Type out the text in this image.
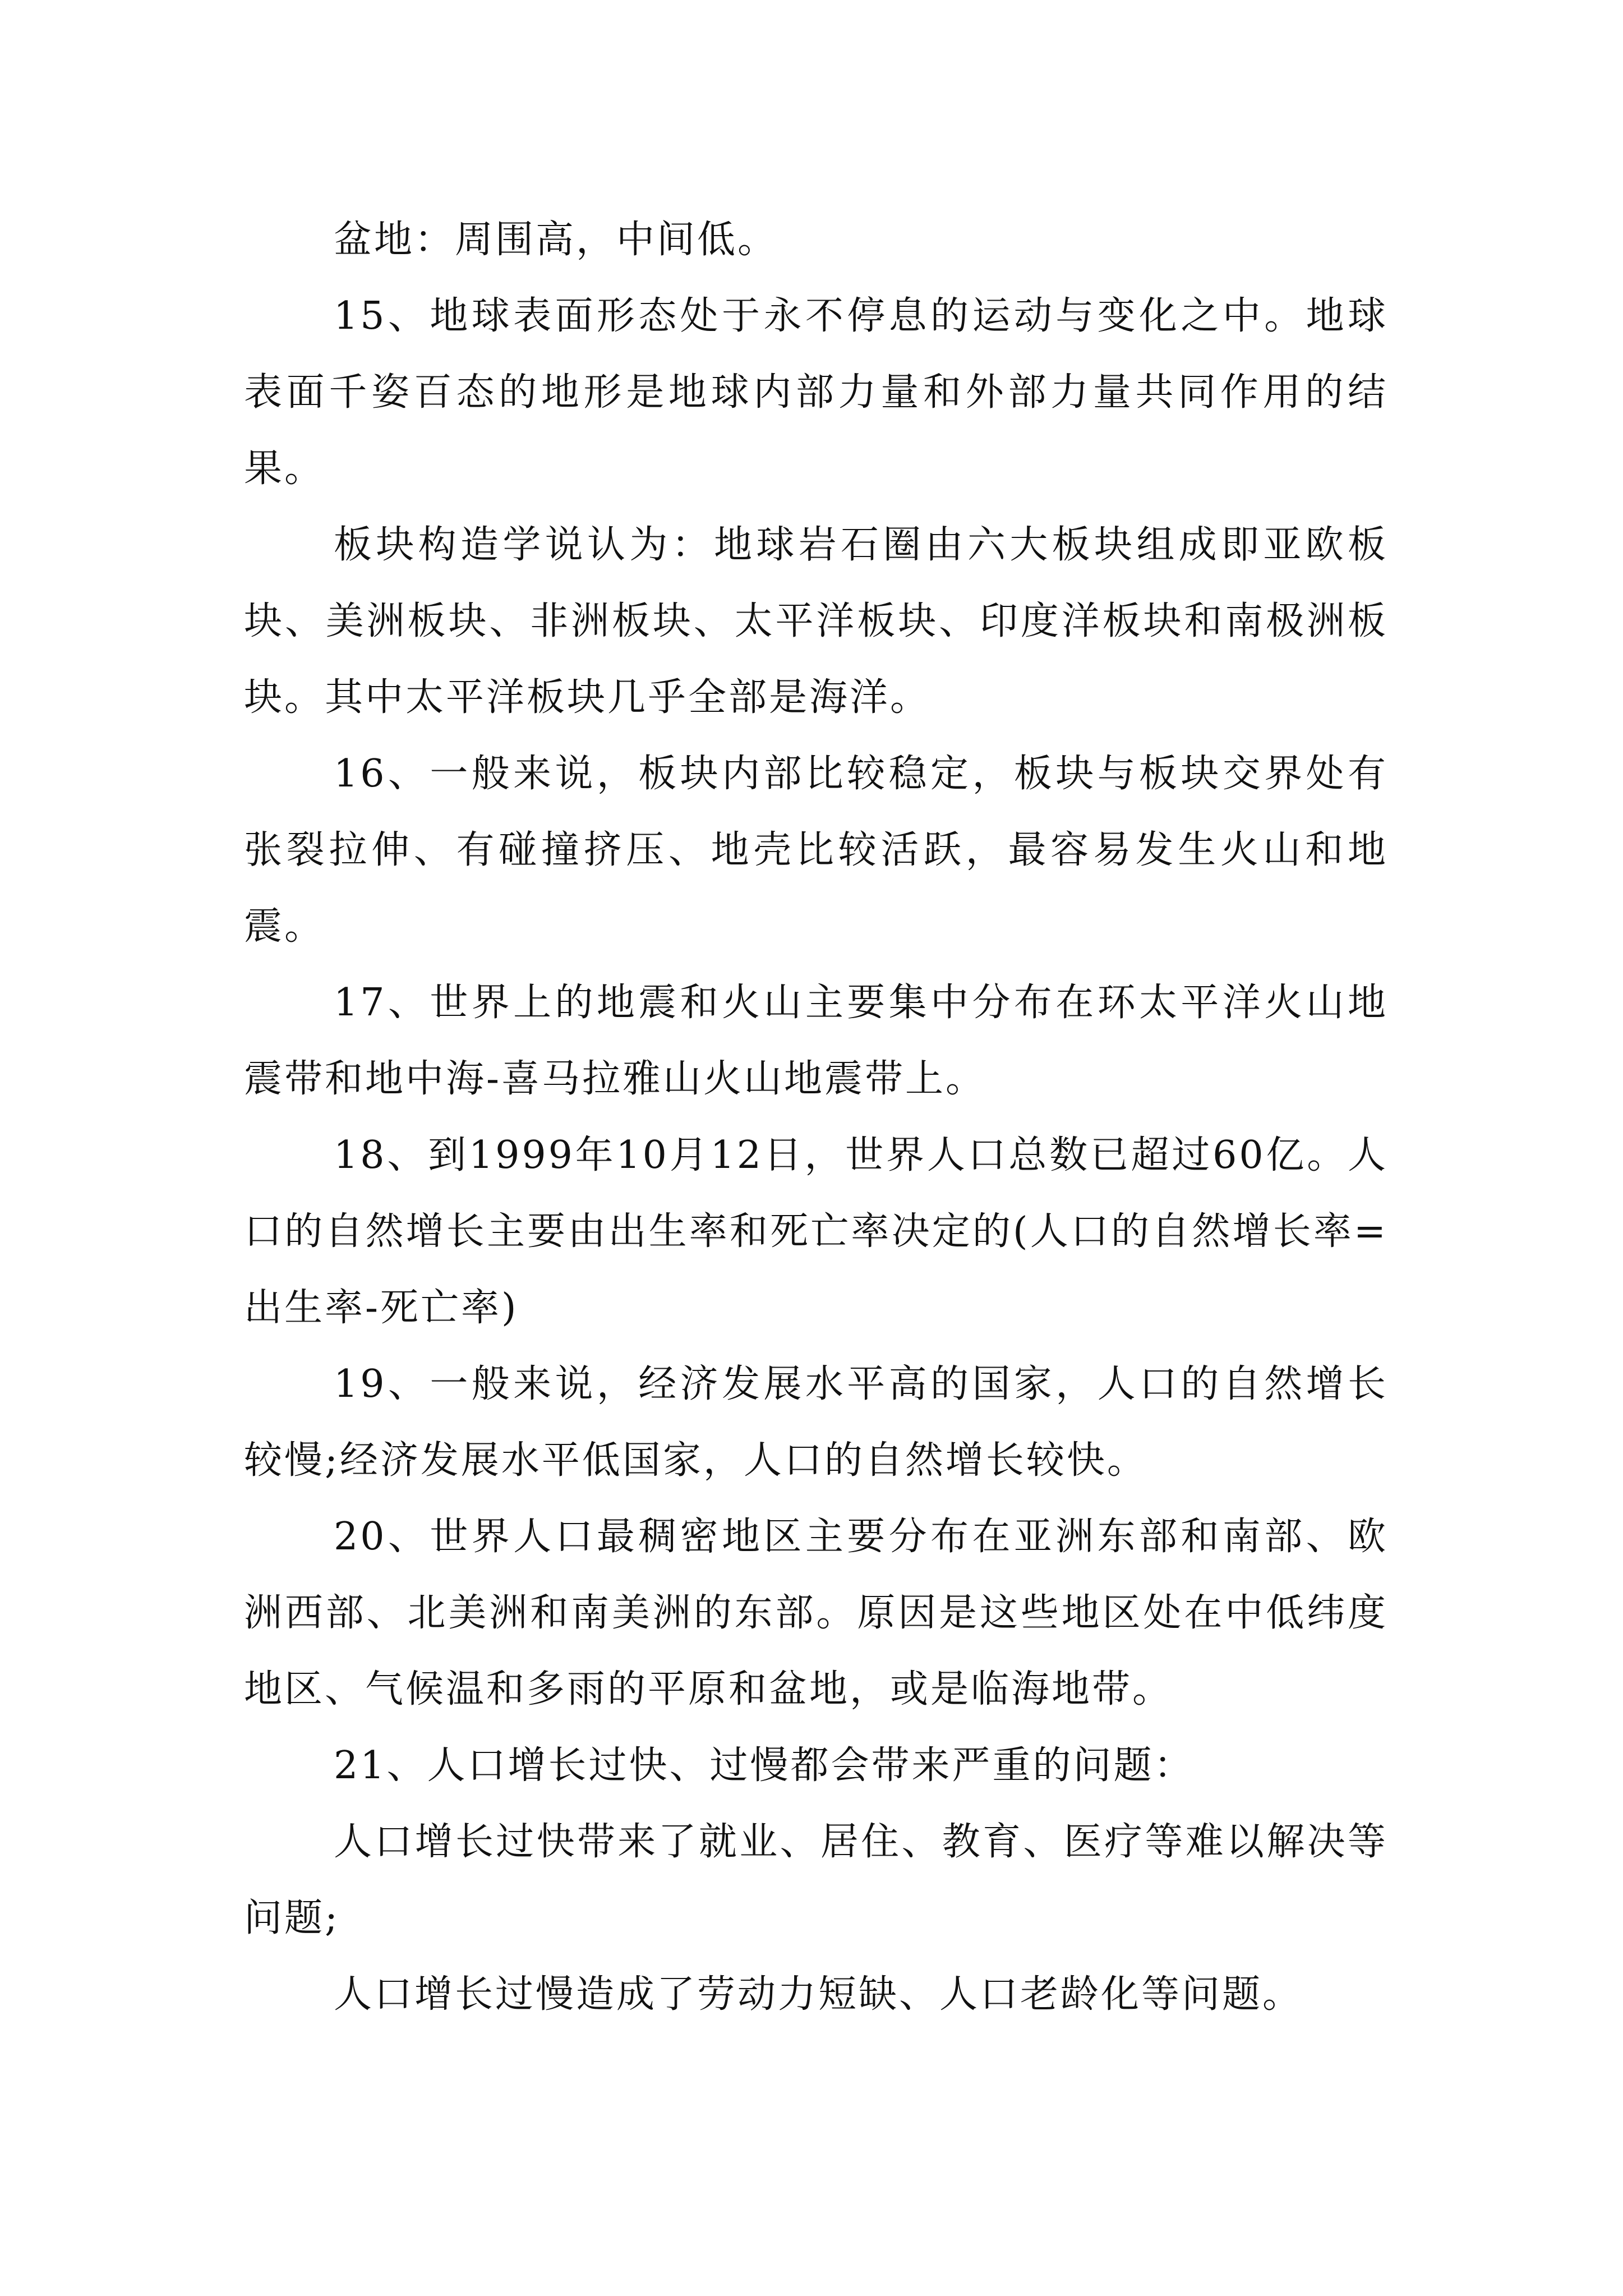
盆地：周围高，中间低。

15、地球表面形态处于永不停息的运动与变化之中。地球表面千姿百态的地形是地球内部力量和外部力量共同作用的结果。

板块构造学说认为：地球岩石圈由六大板块组成即亚欧板块、美洲板块、非洲板块、太平洋板块、印度洋板块和南极洲板块。其中太平洋板块几乎全部是海洋。

16、一般来说，板块内部比较稳定，板块与板块交界处有张裂拉伸、有碰撞挤压、地壳比较活跃，最容易发生火山和地震。

17、世界上的地震和火山主要集中分布在环太平洋火山地震带和地中海-喜马拉雅山火山地震带上。

18、到1999年10月12日，世界人口总数已超过60亿。人口的自然增长主要由出生率和死亡率决定的(人口的自然增长率=出生率-死亡率)

19、一般来说，经济发展水平高的国家，人口的自然增长较慢;经济发展水平低国家，人口的自然增长较快。

20、世界人口最稠密地区主要分布在亚洲东部和南部、欧洲西部、北美洲和南美洲的东部。原因是这些地区处在中低纬度地区、气候温和多雨的平原和盆地，或是临海地带。

21、人口增长过快、过慢都会带来严重的问题：

人口增长过快带来了就业、居住、教育、医疗等难以解决等问题;

人口增长过慢造成了劳动力短缺、人口老龄化等问题。
